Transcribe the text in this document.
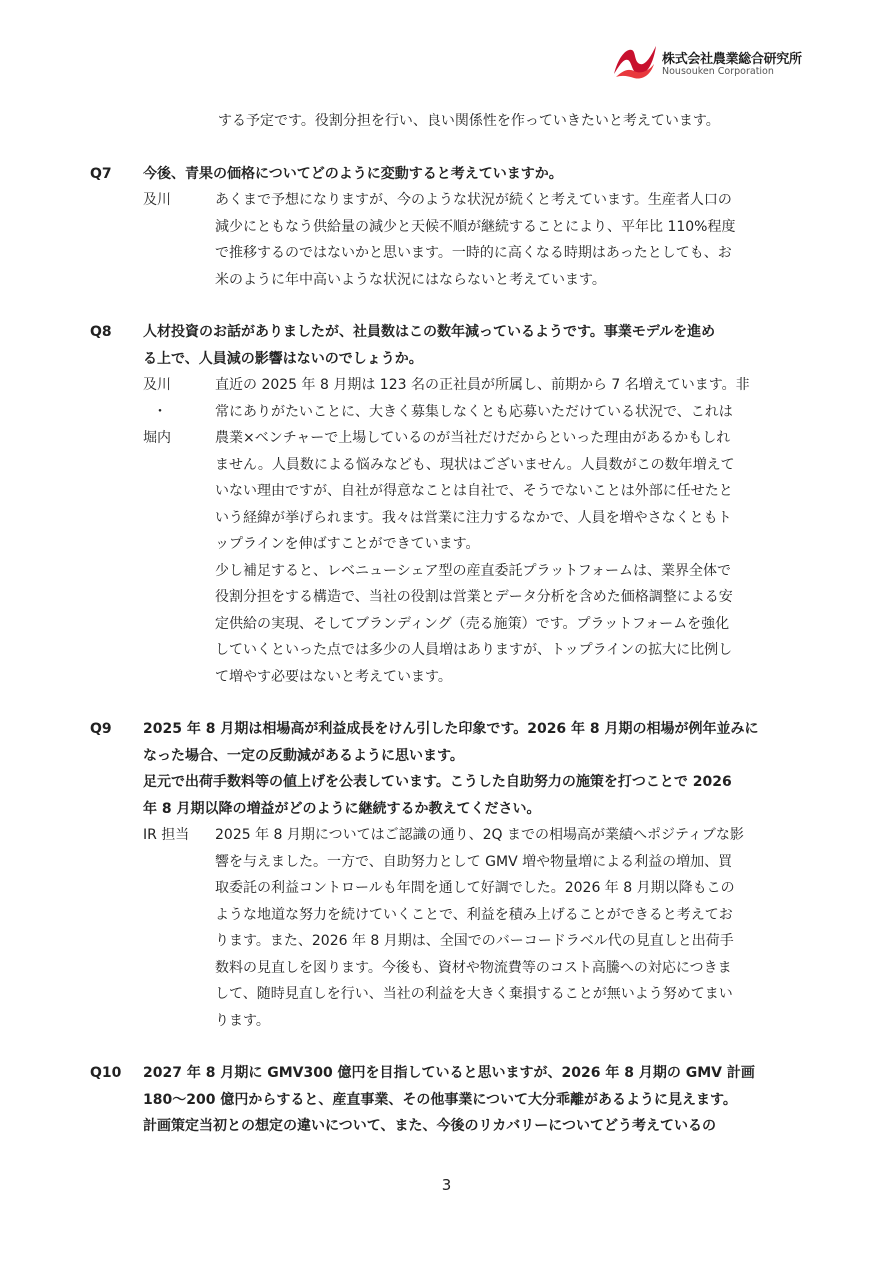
株式会社農業総合研究所
Nousouken Corporation
する予定です。役割分担を行い、良い関係性を作っていきたいと考えています。
Q7	今後、青果の価格についてどのように変動すると考えていますか。
及川	あくまで予想になりますが、今のような状況が続くと考えています。生産者人口の
減少にともなう供給量の減少と天候不順が継続することにより、平年比 110%程度
で推移するのではないかと思います。一時的に高くなる時期はあったとしても、お
米のように年中高いような状況にはならないと考えています。
Q8	人材投資のお話がありましたが、社員数はこの数年減っているようです。事業モデルを進め
る上で、人員減の影響はないのでしょうか。
及川
・
堀内
直近の 2025 年 8 月期は 123 名の正社員が所属し、前期から 7 名増えています。非
常にありがたいことに、大きく募集しなくとも応募いただけている状況で、これは
農業×ベンチャーで上場しているのが当社だけだからといった理由があるかもしれ
ません。人員数による悩みなども、現状はございません。人員数がこの数年増えて
いない理由ですが、自社が得意なことは自社で、そうでないことは外部に任せたと
いう経緯が挙げられます。我々は営業に注力するなかで、人員を増やさなくともト
ップラインを伸ばすことができています。
少し補足すると、レベニューシェア型の産直委託プラットフォームは、業界全体で
役割分担をする構造で、当社の役割は営業とデータ分析を含めた価格調整による安
定供給の実現、そしてブランディング（売る施策）です。プラットフォームを強化
していくといった点では多少の人員増はありますが、トップラインの拡大に比例し
て増やす必要はないと考えています。
Q9	2025 年 8 月期は相場高が利益成長をけん引した印象です。2026 年 8 月期の相場が例年並みに
なった場合、一定の反動減があるように思います。
足元で出荷手数料等の値上げを公表しています。こうした自助努力の施策を打つことで 2026
年 8 月期以降の増益がどのように継続するか教えてください。
IR 担当	2025 年 8 月期についてはご認識の通り、2Q までの相場高が業績へポジティブな影
響を与えました。一方で、自助努力として GMV 増や物量増による利益の増加、買
取委託の利益コントロールも年間を通して好調でした。2026 年 8 月期以降もこの
ような地道な努力を続けていくことで、利益を積み上げることができると考えてお
ります。また、2026 年 8 月期は、全国でのバーコードラベル代の見直しと出荷手
数料の見直しを図ります。今後も、資材や物流費等のコスト高騰への対応につきま
して、随時見直しを行い、当社の利益を大きく棄損することが無いよう努めてまい
ります。
Q10	2027 年 8 月期に GMV300 億円を目指していると思いますが、2026 年 8 月期の GMV 計画
180〜200 億円からすると、産直事業、その他事業について大分乖離があるように見えます。
計画策定当初との想定の違いについて、また、今後のリカバリーについてどう考えているの
3
